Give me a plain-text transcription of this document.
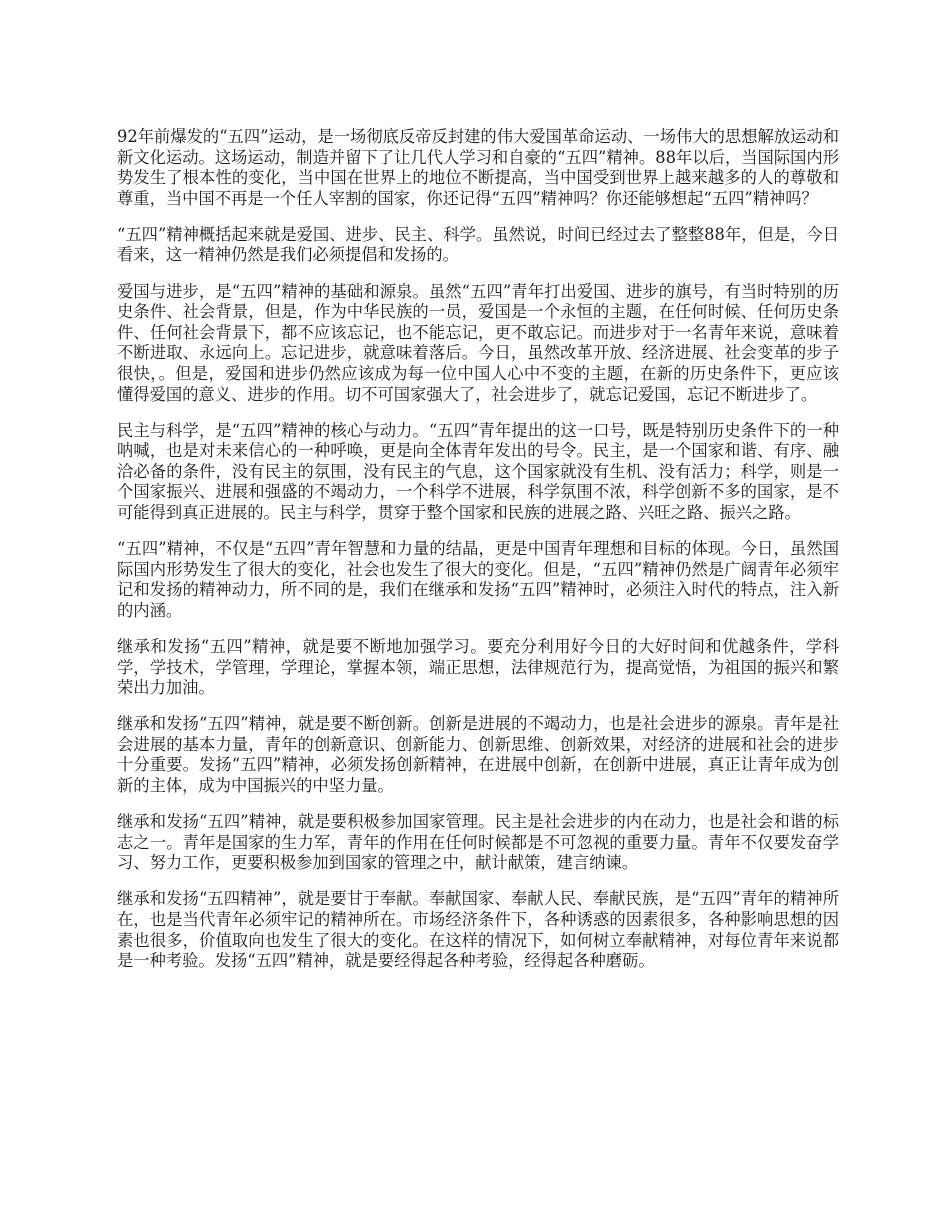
92年前爆发的“五四”运动，是一场彻底反帝反封建的伟大爱国革命运动、一场伟大的思想解放运动和新文化运动。这场运动，制造并留下了让几代人学习和自豪的“五四”精神。88年以后，当国际国内形势发生了根本性的变化，当中国在世界上的地位不断提高，当中国受到世界上越来越多的人的尊敬和尊重，当中国不再是一个任人宰割的国家，你还记得“五四”精神吗？你还能够想起“五四”精神吗？

“五四”精神概括起来就是爱国、进步、民主、科学。虽然说，时间已经过去了整整88年，但是，今日看来，这一精神仍然是我们必须提倡和发扬的。

爱国与进步，是“五四”精神的基础和源泉。虽然“五四”青年打出爱国、进步的旗号，有当时特别的历史条件、社会背景，但是，作为中华民族的一员，爱国是一个永恒的主题，在任何时候、任何历史条件、任何社会背景下，都不应该忘记，也不能忘记，更不敢忘记。而进步对于一名青年来说，意味着不断进取、永远向上。忘记进步，就意味着落后。今日，虽然改革开放、经济进展、社会变革的步子很快，。但是，爱国和进步仍然应该成为每一位中国人心中不变的主题，在新的历史条件下，更应该懂得爱国的意义、进步的作用。切不可国家强大了，社会进步了，就忘记爱国，忘记不断进步了。

民主与科学，是“五四”精神的核心与动力。“五四”青年提出的这一口号，既是特别历史条件下的一种呐喊，也是对未来信心的一种呼唤，更是向全体青年发出的号令。民主，是一个国家和谐、有序、融洽必备的条件，没有民主的氛围，没有民主的气息，这个国家就没有生机、没有活力；科学，则是一个国家振兴、进展和强盛的不竭动力，一个科学不进展，科学氛围不浓，科学创新不多的国家，是不可能得到真正进展的。民主与科学，贯穿于整个国家和民族的进展之路、兴旺之路、振兴之路。

“五四”精神，不仅是“五四”青年智慧和力量的结晶，更是中国青年理想和目标的体现。今日，虽然国际国内形势发生了很大的变化，社会也发生了很大的变化。但是，“五四”精神仍然是广阔青年必须牢记和发扬的精神动力，所不同的是，我们在继承和发扬“五四”精神时，必须注入时代的特点，注入新的内涵。

继承和发扬“五四”精神，就是要不断地加强学习。要充分利用好今日的大好时间和优越条件，学科学，学技术，学管理，学理论，掌握本领，端正思想，法律规范行为，提高觉悟，为祖国的振兴和繁荣出力加油。

继承和发扬“五四”精神，就是要不断创新。创新是进展的不竭动力，也是社会进步的源泉。青年是社会进展的基本力量，青年的创新意识、创新能力、创新思维、创新效果，对经济的进展和社会的进步十分重要。发扬“五四”精神，必须发扬创新精神，在进展中创新，在创新中进展，真正让青年成为创新的主体，成为中国振兴的中坚力量。

继承和发扬“五四”精神，就是要积极参加国家管理。民主是社会进步的内在动力，也是社会和谐的标志之一。青年是国家的生力军，青年的作用在任何时候都是不可忽视的重要力量。青年不仅要发奋学习、努力工作，更要积极参加到国家的管理之中，献计献策，建言纳谏。

继承和发扬“五四精神”，就是要甘于奉献。奉献国家、奉献人民、奉献民族，是“五四”青年的精神所在，也是当代青年必须牢记的精神所在。市场经济条件下，各种诱惑的因素很多，各种影响思想的因素也很多，价值取向也发生了很大的变化。在这样的情况下，如何树立奉献精神，对每位青年来说都是一种考验。发扬“五四”精神，就是要经得起各种考验，经得起各种磨砺。
